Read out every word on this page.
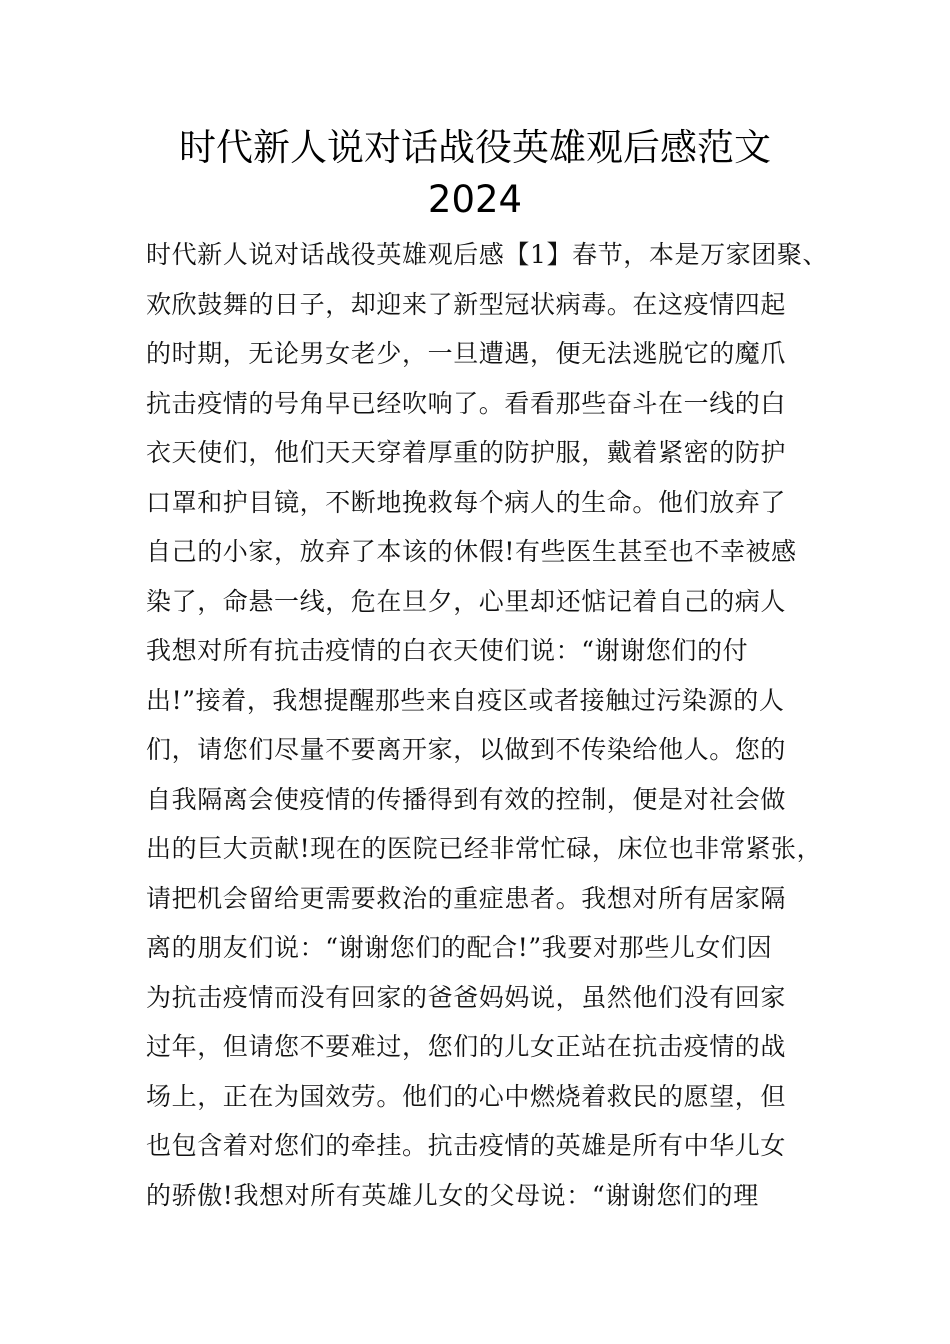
时代新人说对话战役英雄观后感范文
2024
时代新人说对话战役英雄观后感【1】春节，本是万家团聚、
欢欣鼓舞的日子，却迎来了新型冠状病毒。在这疫情四起
的时期，无论男女老少，一旦遭遇，便无法逃脱它的魔爪
抗击疫情的号角早已经吹响了。看看那些奋斗在一线的白
衣天使们，他们天天穿着厚重的防护服，戴着紧密的防护
口罩和护目镜，不断地挽救每个病人的生命。他们放弃了
自己的小家，放弃了本该的休假!有些医生甚至也不幸被感
染了，命悬一线，危在旦夕，心里却还惦记着自己的病人
我想对所有抗击疫情的白衣天使们说：“谢谢您们的付
出!”接着，我想提醒那些来自疫区或者接触过污染源的人
们，请您们尽量不要离开家，以做到不传染给他人。您的
自我隔离会使疫情的传播得到有效的控制，便是对社会做
出的巨大贡献!现在的医院已经非常忙碌，床位也非常紧张，
请把机会留给更需要救治的重症患者。我想对所有居家隔
离的朋友们说：“谢谢您们的配合!”我要对那些儿女们因
为抗击疫情而没有回家的爸爸妈妈说，虽然他们没有回家
过年，但请您不要难过，您们的儿女正站在抗击疫情的战
场上，正在为国效劳。他们的心中燃烧着救民的愿望，但
也包含着对您们的牵挂。抗击疫情的英雄是所有中华儿女
的骄傲!我想对所有英雄儿女的父母说：“谢谢您们的理
